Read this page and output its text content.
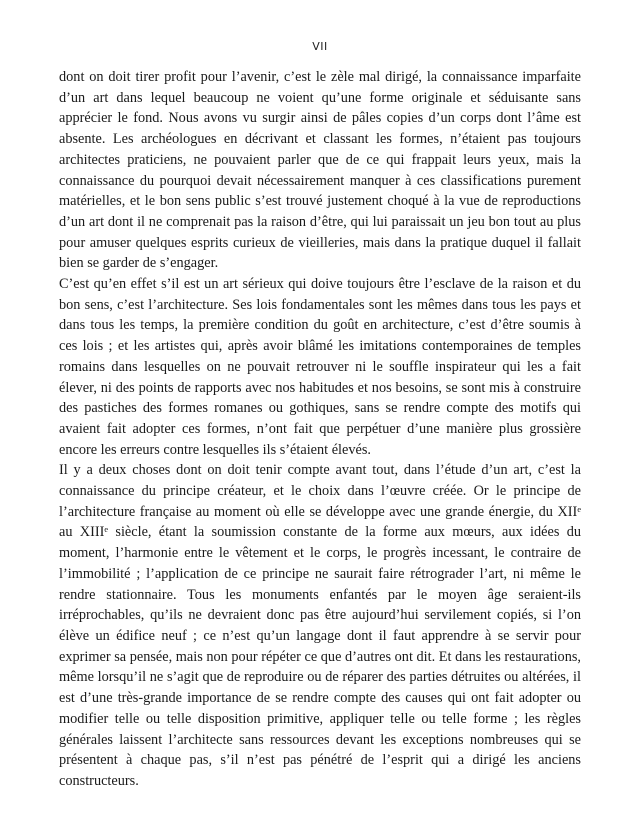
VII

dont on doit tirer profit pour l’avenir, c’est le zèle mal dirigé, la connaissance imparfaite d’un art dans lequel beaucoup ne voient qu’une forme originale et séduisante sans apprécier le fond. Nous avons vu surgir ainsi de pâles copies d’un corps dont l’âme est absente. Les archéologues en décrivant et classant les formes, n’étaient pas toujours architectes praticiens, ne pouvaient parler que de ce qui frappait leurs yeux, mais la connaissance du pourquoi devait nécessairement manquer à ces classifications purement matérielles, et le bon sens public s’est trouvé justement choqué à la vue de reproductions d’un art dont il ne comprenait pas la raison d’être, qui lui paraissait un jeu bon tout au plus pour amuser quelques esprits curieux de vieilleries, mais dans la pratique duquel il fallait bien se garder de s’engager.

C’est qu’en effet s’il est un art sérieux qui doive toujours être l’esclave de la raison et du bon sens, c’est l’architecture. Ses lois fondamentales sont les mêmes dans tous les pays et dans tous les temps, la première condition du goût en architecture, c’est d’être soumis à ces lois ; et les artistes qui, après avoir blâmé les imitations contemporaines de temples romains dans lesquelles on ne pouvait retrouver ni le souffle inspirateur qui les a fait élever, ni des points de rapports avec nos habitudes et nos besoins, se sont mis à construire des pastiches des formes romanes ou gothiques, sans se rendre compte des motifs qui avaient fait adopter ces formes, n’ont fait que perpétuer d’une manière plus grossière encore les erreurs contre lesquelles ils s’étaient élevés.

Il y a deux choses dont on doit tenir compte avant tout, dans l’étude d’un art, c’est la connaissance du principe créateur, et le choix dans l’œuvre créée. Or le principe de l’architecture française au moment où elle se développe avec une grande énergie, du XIIᵉ au XIIIᵉ siècle, étant la soumission constante de la forme aux mœurs, aux idées du moment, l’harmonie entre le vêtement et le corps, le progrès incessant, le contraire de l’immobilité ; l’application de ce principe ne saurait faire rétrograder l’art, ni même le rendre stationnaire. Tous les monuments enfantés par le moyen âge seraient-ils irréprochables, qu’ils ne devraient donc pas être aujourd’hui servilement copiés, si l’on élève un édifice neuf ; ce n’est qu’un langage dont il faut apprendre à se servir pour exprimer sa pensée, mais non pour répéter ce que d’autres ont dit. Et dans les restaurations, même lorsqu’il ne s’agit que de reproduire ou de réparer des parties détruites ou altérées, il est d’une très-grande importance de se rendre compte des causes qui ont fait adopter ou modifier telle ou telle disposition primitive, appliquer telle ou telle forme ; les règles générales laissent l’architecte sans ressources devant les exceptions nombreuses qui se présentent à chaque pas, s’il n’est pas pénétré de l’esprit qui a dirigé les anciens constructeurs.
